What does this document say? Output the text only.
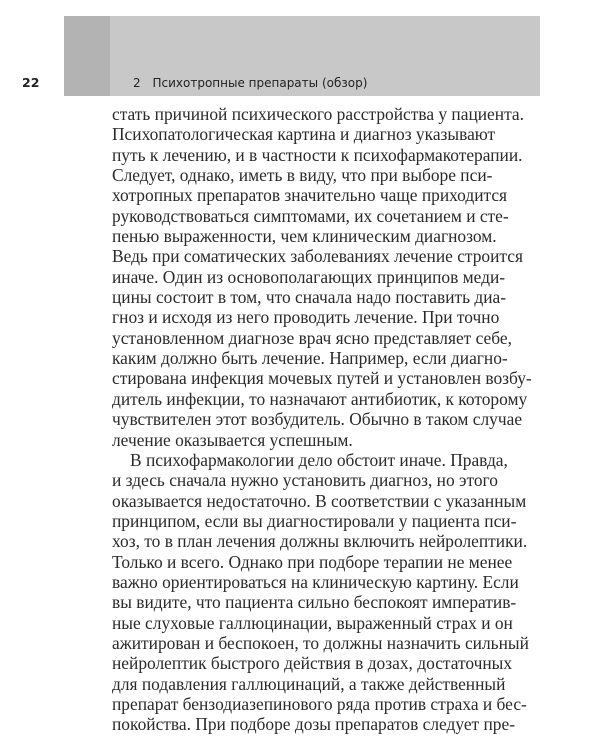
22	2 Психотропные препараты (обзор)
стать причиной психического расстройства у пациента.
Психопатологическая картина и диагноз указывают
путь к лечению, и в частности к психофармакотерапии.
Следует, однако, иметь в виду, что при выборе пси-
хотропных препаратов значительно чаще приходится
руководствоваться симптомами, их сочетанием и сте-
пенью выраженности, чем клиническим диагнозом.
Ведь при соматических заболеваниях лечение строится
иначе. Один из основополагающих принципов меди-
цины состоит в том, что сначала надо поставить диа-
гноз и исходя из него проводить лечение. При точно
установленном диагнозе врач ясно представляет себе,
каким должно быть лечение. Например, если диагно-
стирована инфекция мочевых путей и установлен возбу-
дитель инфекции, то назначают антибиотик, к которому
чувствителен этот возбудитель. Обычно в таком случае
лечение оказывается успешным.
В психофармакологии дело обстоит иначе. Правда,
и здесь сначала нужно установить диагноз, но этого
оказывается недостаточно. В соответствии с указанным
принципом, если вы диагностировали у пациента пси-
хоз, то в план лечения должны включить нейролептики.
Только и всего. Однако при подборе терапии не менее
важно ориентироваться на клиническую картину. Если
вы видите, что пациента сильно беспокоят императив-
ные слуховые галлюцинации, выраженный страх и он
ажитирован и беспокоен, то должны назначить сильный
нейролептик быстрого действия в дозах, достаточных
для подавления галлюцинаций, а также действенный
препарат бензодиазепинового ряда против страха и бес-
покойства. При подборе дозы препаратов следует пре-
